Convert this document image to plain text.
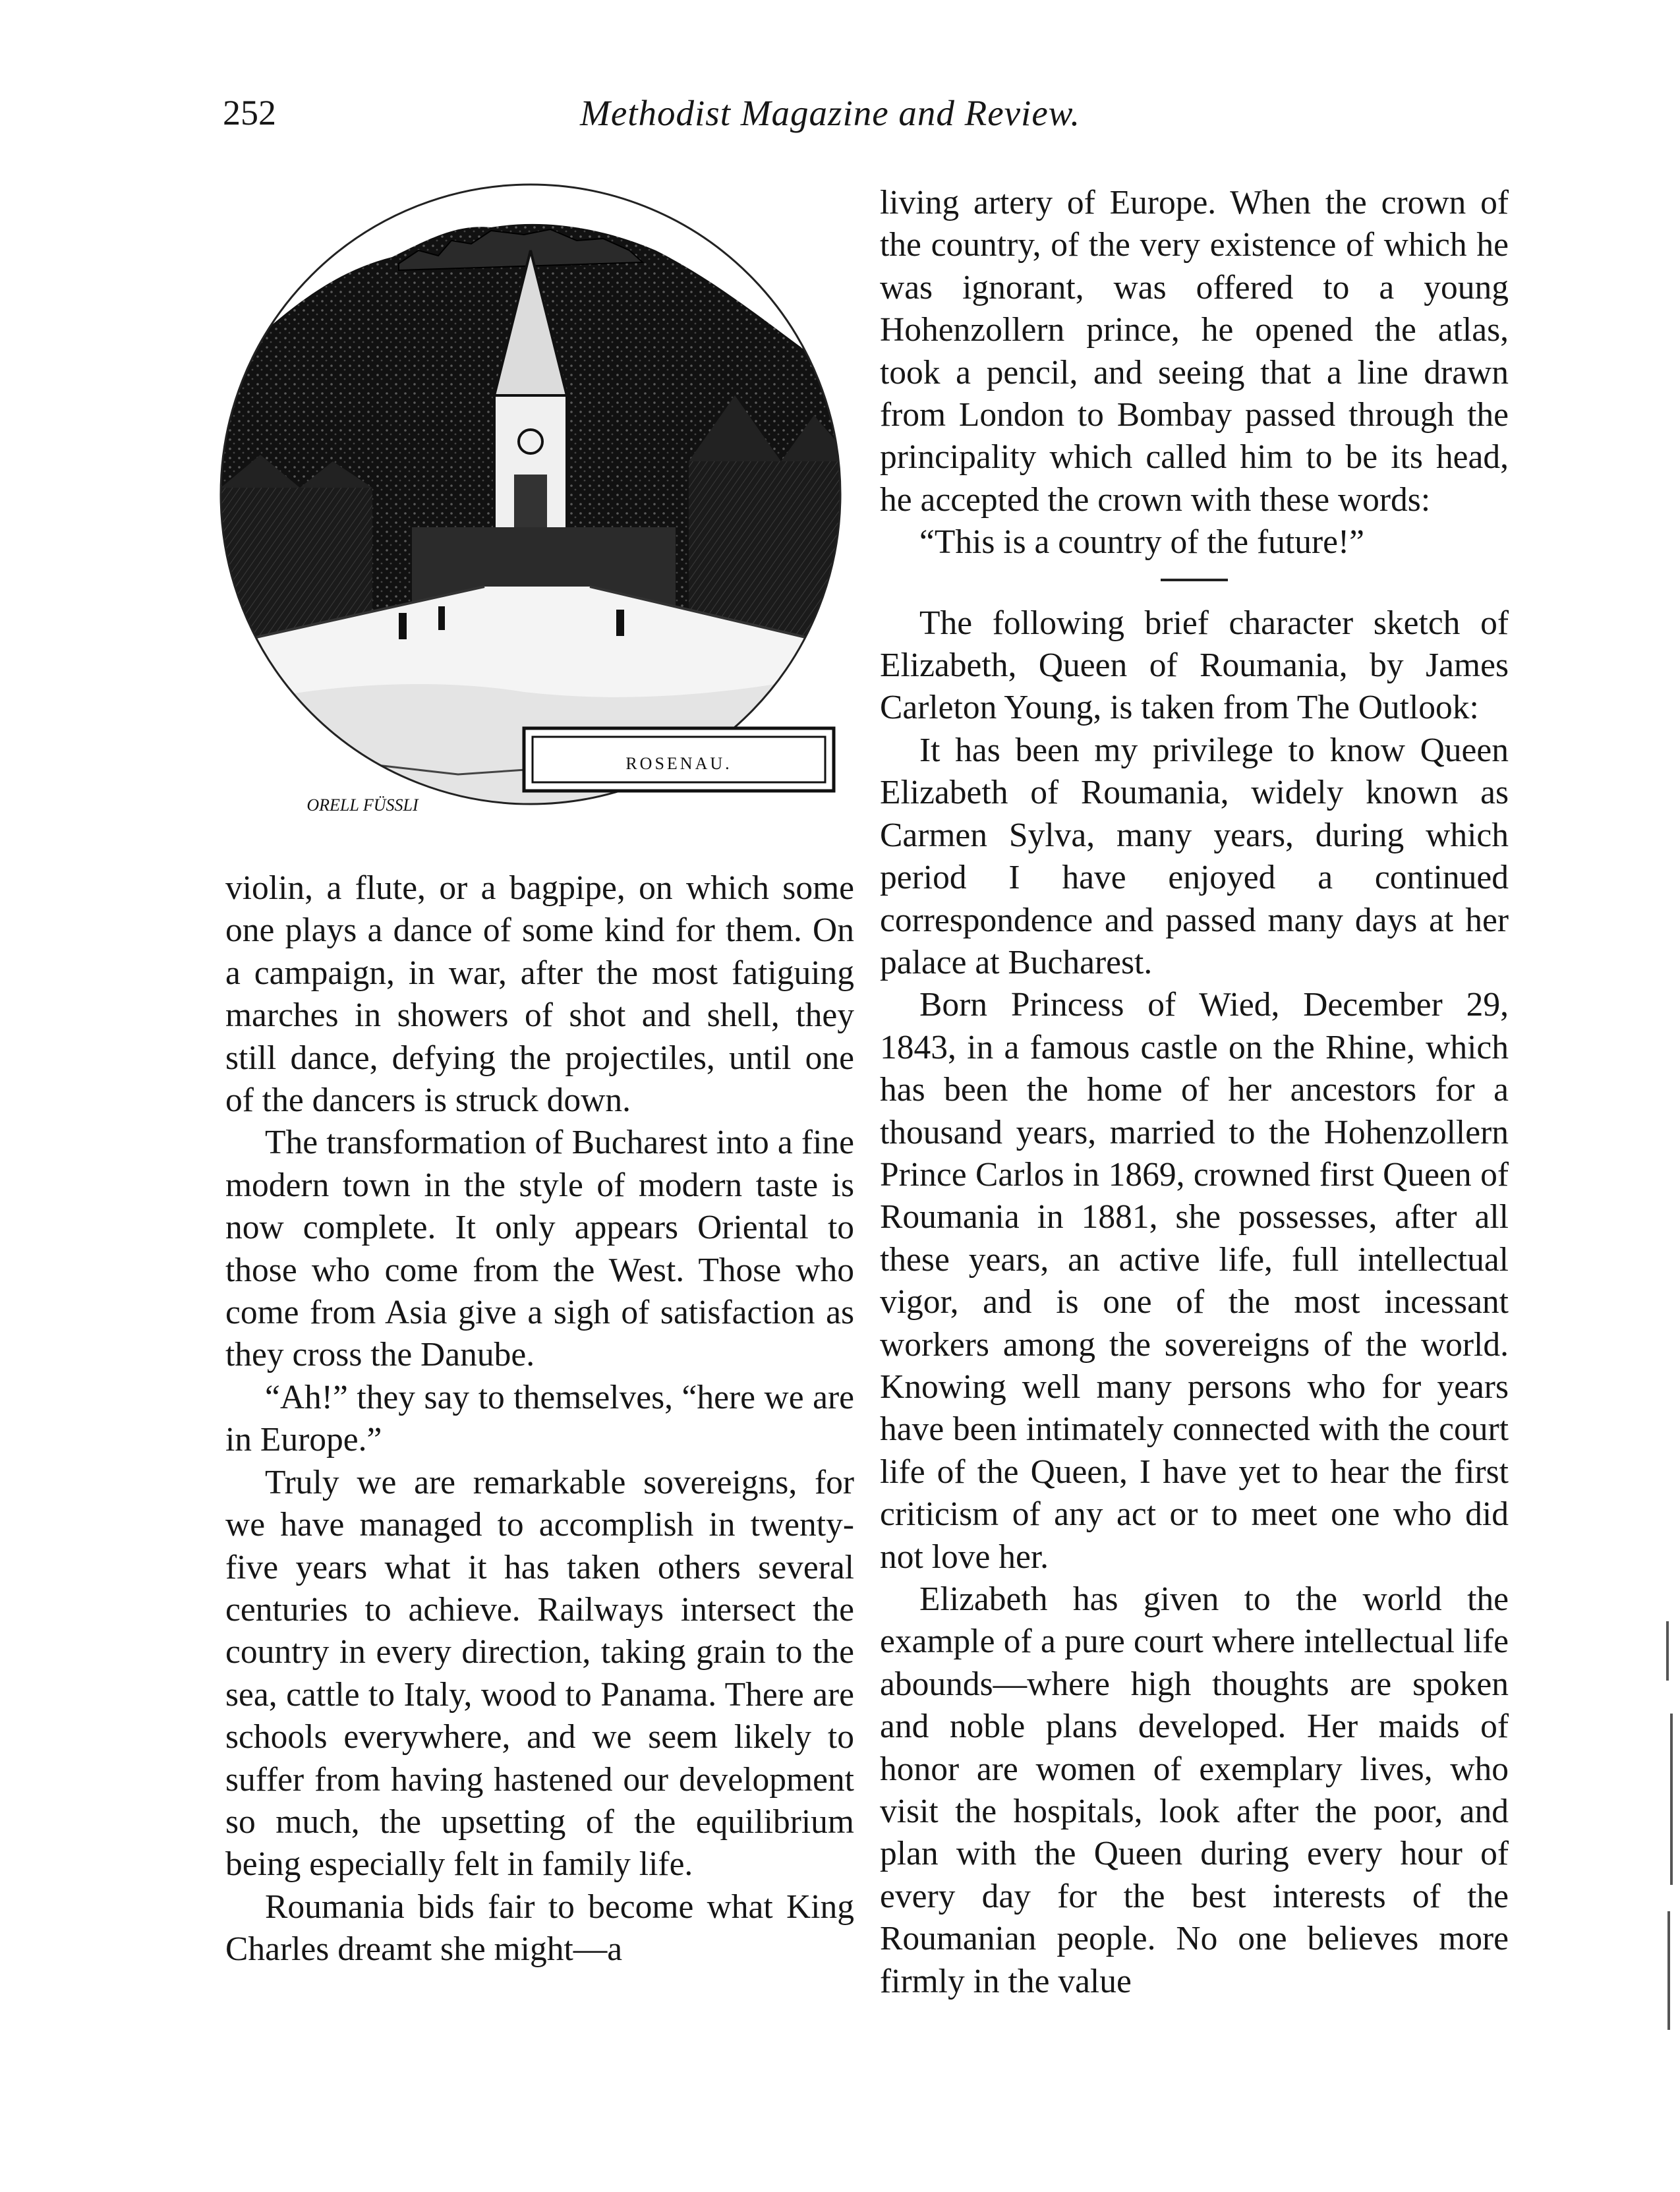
252	Methodist Magazine and Review.
ROSENAU.
ORELL FÜSSLI

living artery of Europe. When the crown of the country, of the very existence of which he was ignorant, was offered to a young Hohenzollern prince, he opened the atlas, took a pencil, and seeing that a line drawn from London to Bombay passed through the principality which called him to be its head, he accepted the crown with these words:

“This is a country of the future!”

The following brief character sketch of Elizabeth, Queen of Roumania, by James Carleton Young, is taken from The Outlook:

It has been my privilege to know Queen Elizabeth of Roumania, widely known as Carmen Sylva, many years, during which period I have enjoyed a continued correspondence and passed many days at her palace at Bucharest.

Born Princess of Wied, December 29, 1843, in a famous castle on the Rhine, which has been the home of her ancestors for a thousand years, married to the Hohenzollern Prince Carlos in 1869, crowned first Queen of Roumania in 1881, she possesses, after all these years, an active life, full intellectual vigor, and is one of the most incessant workers among the sovereigns of the world. Knowing well many persons who for years have been intimately connected with the court life of the Queen, I have yet to hear the first criticism of any act or to meet one who did not love her.

Elizabeth has given to the world the example of a pure court where intellectual life abounds—where high thoughts are spoken and noble plans developed. Her maids of honor are women of exemplary lives, who visit the hospitals, look after the poor, and plan with the Queen during every hour of every day for the best interests of the Roumanian people. No one believes more firmly in the value

violin, a flute, or a bagpipe, on which some one plays a dance of some kind for them. On a campaign, in war, after the most fatiguing marches in showers of shot and shell, they still dance, defying the projectiles, until one of the dancers is struck down.

The transformation of Bucharest into a fine modern town in the style of modern taste is now complete. It only appears Oriental to those who come from the West. Those who come from Asia give a sigh of satisfaction as they cross the Danube.

“Ah!” they say to themselves, “here we are in Europe.”

Truly we are remarkable sovereigns, for we have managed to accomplish in twenty-five years what it has taken others several centuries to achieve. Railways intersect the country in every direction, taking grain to the sea, cattle to Italy, wood to Panama. There are schools everywhere, and we seem likely to suffer from having hastened our development so much, the upsetting of the equilibrium being especially felt in family life.

Roumania bids fair to become what King Charles dreamt she might—a
